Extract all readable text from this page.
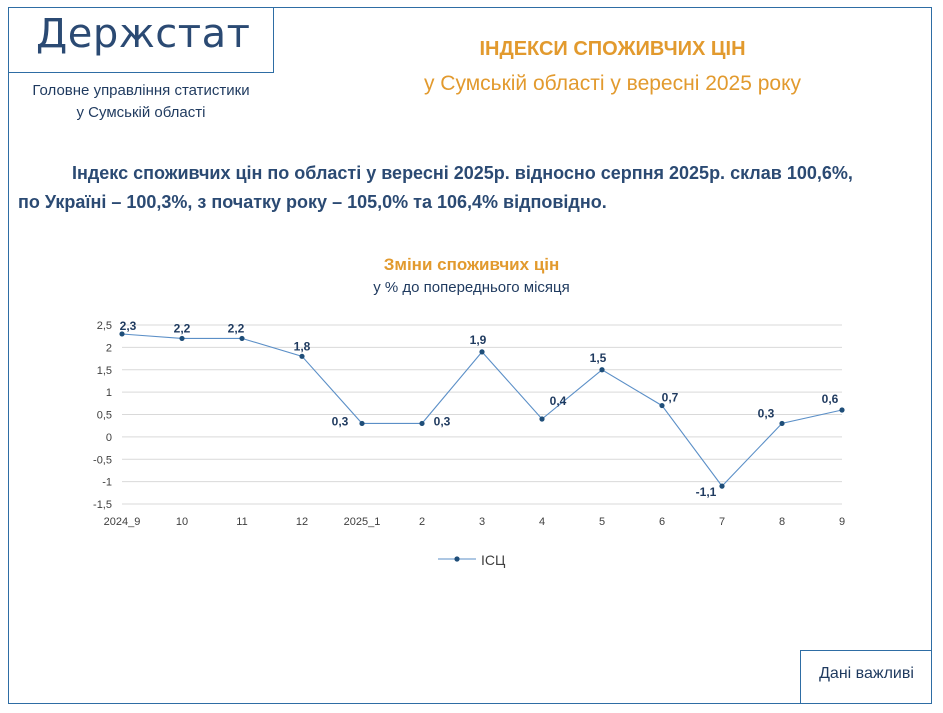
Держстат
Головне управління статистики
у Сумській області
ІНДЕКСИ СПОЖИВЧИХ ЦІН
у Сумській області у вересні 2025 року
Індекс споживчих цін по області у вересні 2025р. відносно серпня 2025р. склав 100,6%,
по Україні – 100,3%, з початку року – 105,0% та 106,4% відповідно.
Зміни споживчих цін
у % до попереднього місяця
2,5
2
1,5
1
0,5
0
-0,5
-1
-1,5
2024_9	10	11	12	2025_1	2	3	4	5	6	7	8	9
2,3	2,2	2,2
1,8
0,3	0,3
1,9
0,4
1,5
0,7
-1,1
0,3
0,6
ІСЦ
Дані важливі
